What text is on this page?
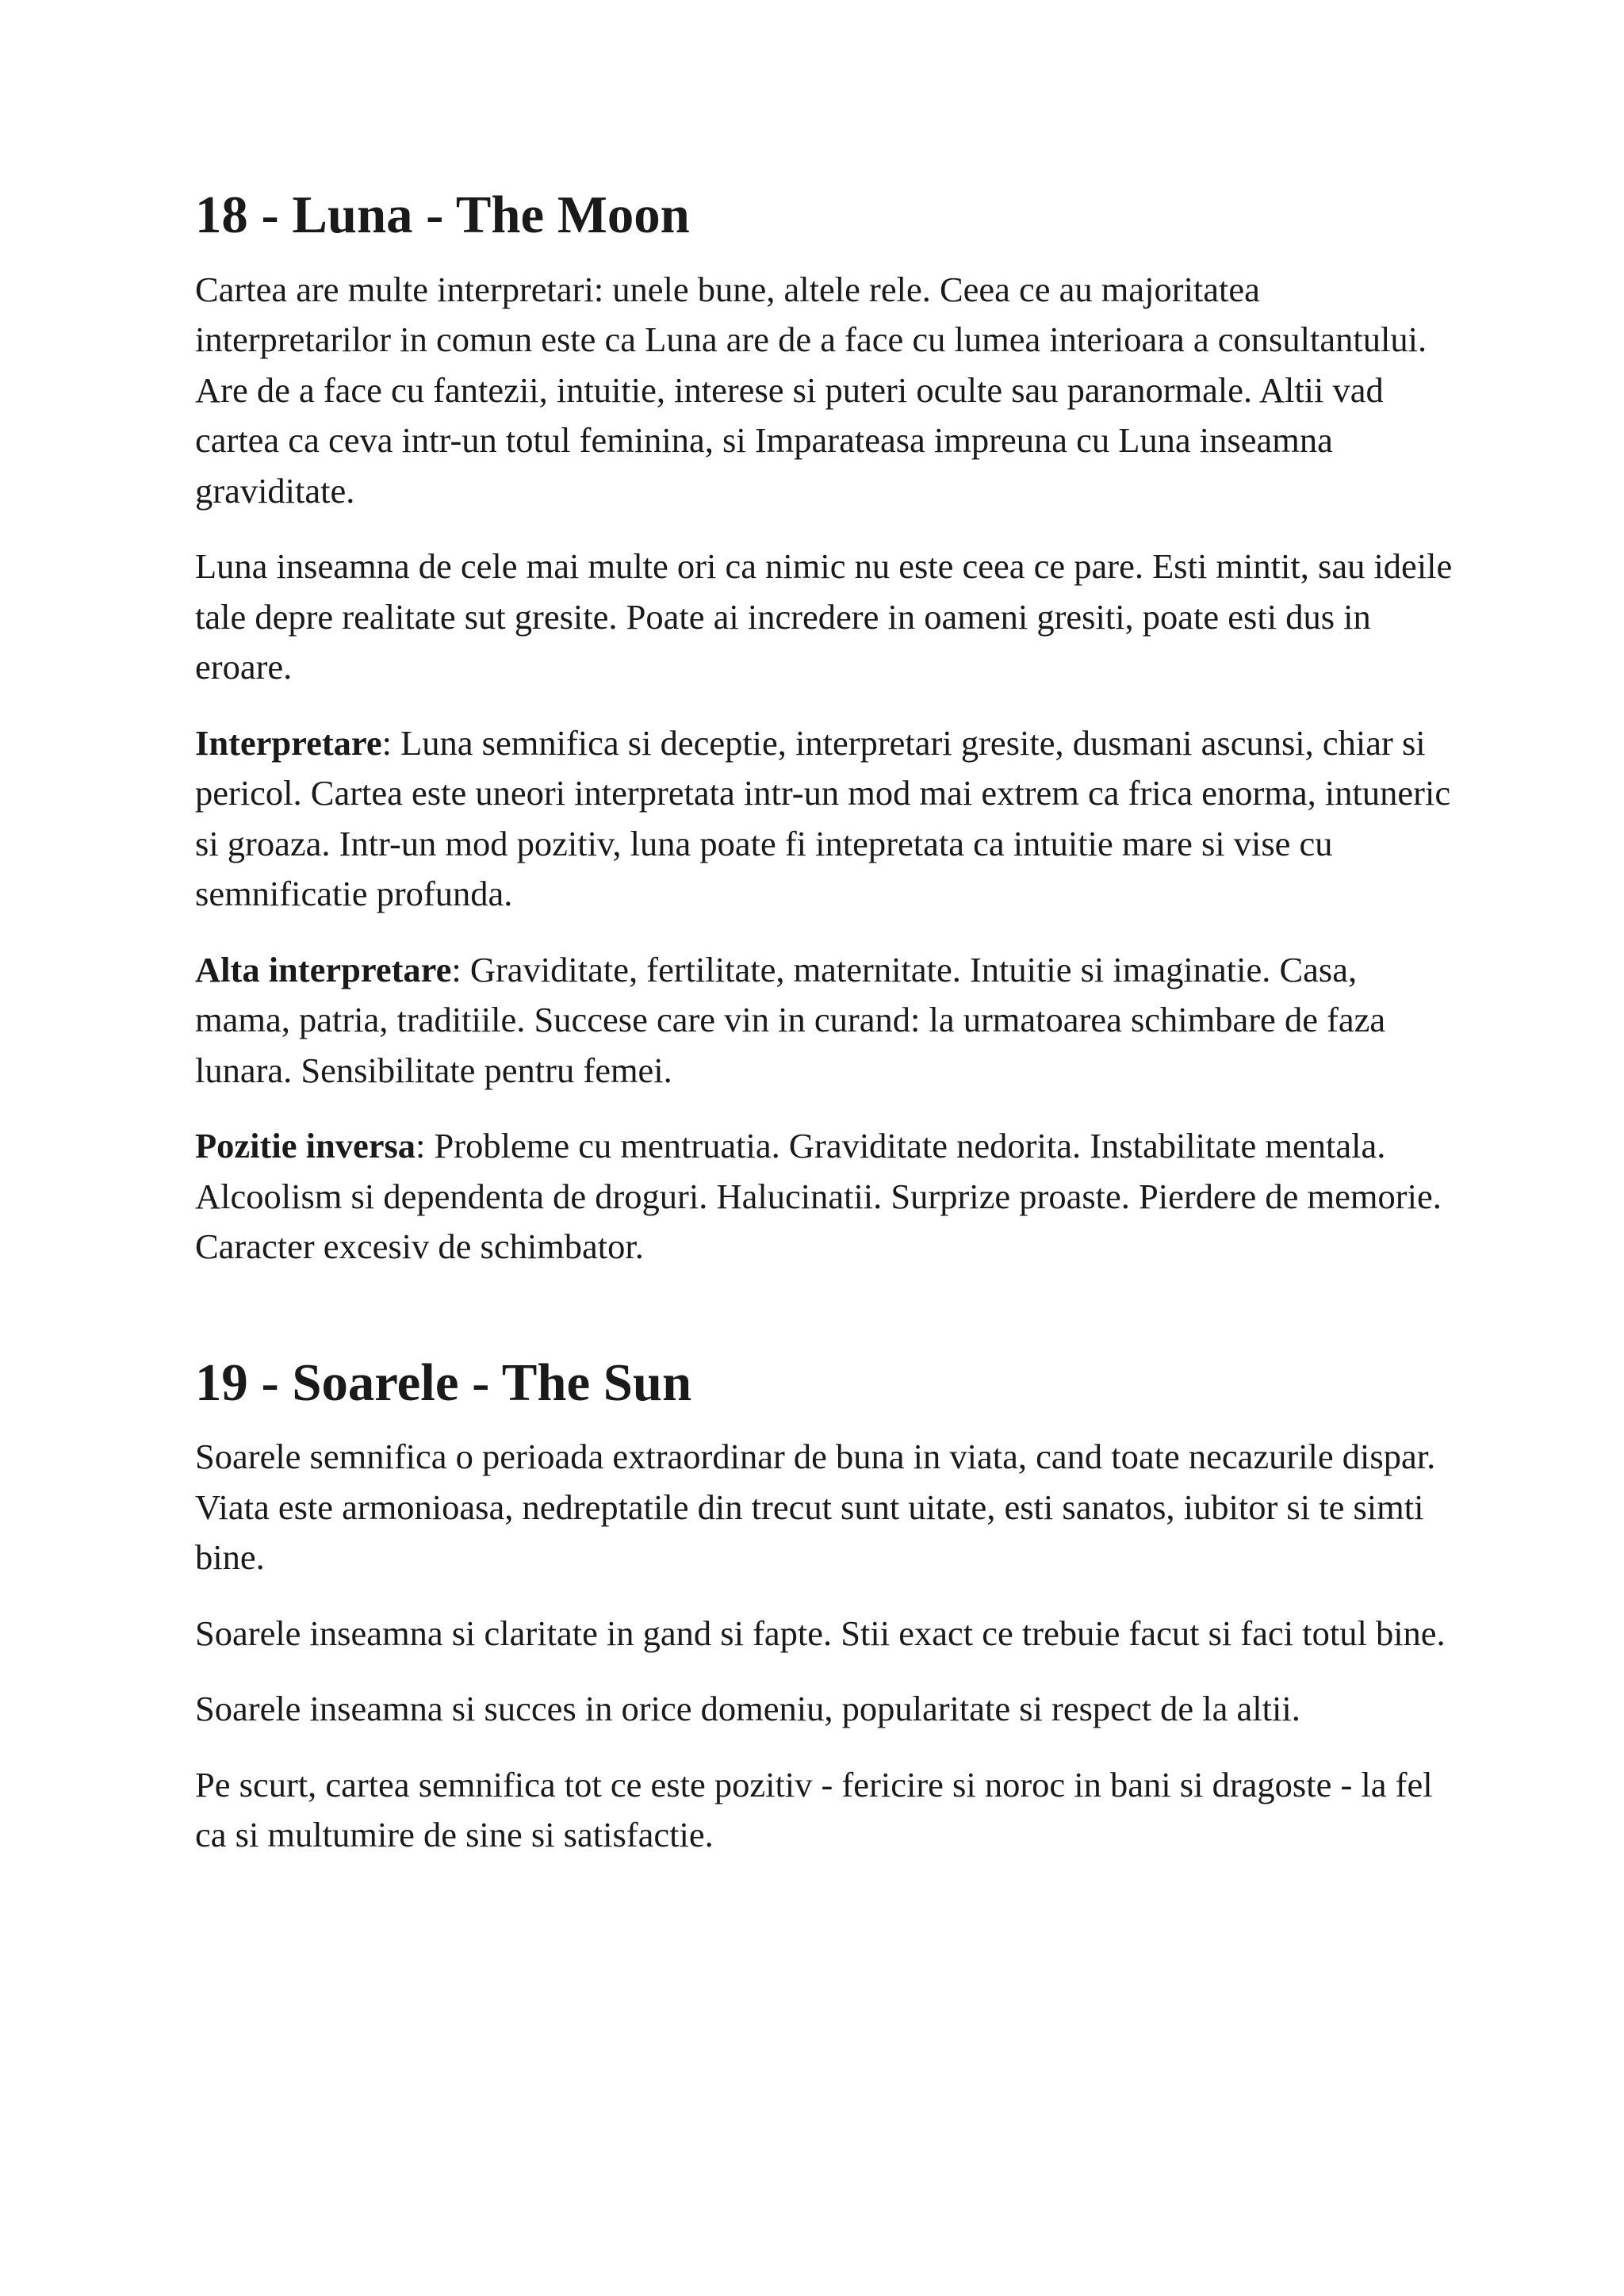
18 - Luna - The Moon

Cartea are multe interpretari: unele bune, altele rele. Ceea ce au majoritatea interpretarilor in comun este ca Luna are de a face cu lumea interioara a consultantului. Are de a face cu fantezii, intuitie, interese si puteri oculte sau paranormale. Altii vad cartea ca ceva intr-un totul feminina, si Imparateasa impreuna cu Luna inseamna graviditate.

Luna inseamna de cele mai multe ori ca nimic nu este ceea ce pare. Esti mintit, sau ideile tale depre realitate sut gresite. Poate ai incredere in oameni gresiti, poate esti dus in eroare.

Interpretare: Luna semnifica si deceptie, interpretari gresite, dusmani ascunsi, chiar si pericol. Cartea este uneori interpretata intr-un mod mai extrem ca frica enorma, intuneric si groaza. Intr-un mod pozitiv, luna poate fi intepretata ca intuitie mare si vise cu semnificatie profunda.

Alta interpretare: Graviditate, fertilitate, maternitate. Intuitie si imaginatie. Casa, mama, patria, traditiile. Succese care vin in curand: la urmatoarea schimbare de faza lunara. Sensibilitate pentru femei.

Pozitie inversa: Probleme cu mentruatia. Graviditate nedorita. Instabilitate mentala. Alcoolism si dependenta de droguri. Halucinatii. Surprize proaste. Pierdere de memorie. Caracter excesiv de schimbator.

19 - Soarele - The Sun

Soarele semnifica o perioada extraordinar de buna in viata, cand toate necazurile dispar. Viata este armonioasa, nedreptatile din trecut sunt uitate, esti sanatos, iubitor si te simti bine.

Soarele inseamna si claritate in gand si fapte. Stii exact ce trebuie facut si faci totul bine.

Soarele inseamna si succes in orice domeniu, popularitate si respect de la altii.

Pe scurt, cartea semnifica tot ce este pozitiv - fericire si noroc in bani si dragoste - la fel ca si multumire de sine si satisfactie.
